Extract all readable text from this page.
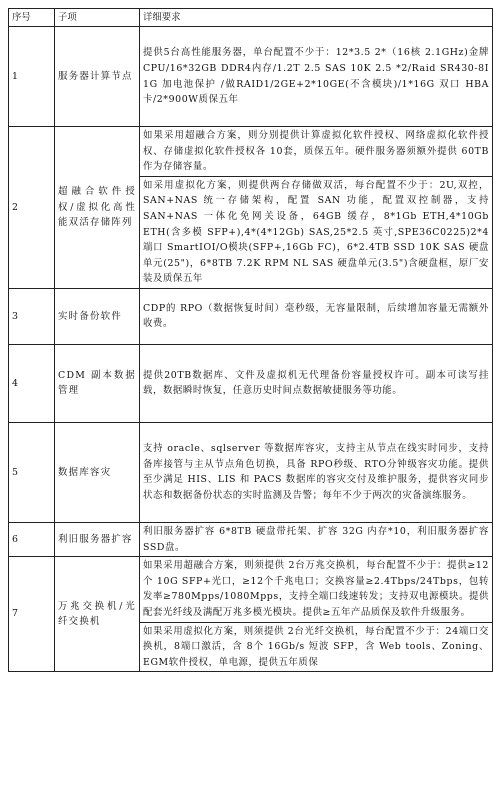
序号	子项	详细要求
1	服务器计算节点	提供5台高性能服务器，单台配置不少于：12*3.5 2*（16核 2.1GHz)金牌 CPU/16*32GB DDR4内存/1.2T 2.5 SAS 10K 2.5 *2/Raid SR430-8I 1G 加电池保护 /做RAID1/2GE+2*10GE(不含模块)/1*16G 双口 HBA 卡/2*900W质保五年
2	超融合软件授权/虚拟化高性能双活存储阵列	如果采用超融合方案，则分别提供计算虚拟化软件授权、网络虚拟化软件授权、存储虚拟化软件授权各 10套，质保五年。硬件服务器须额外提供 60TB 作为存储容量。
		如采用虚拟化方案，则提供两台存储做双活，每台配置不少于：2U,双控，SAN+NAS 统一存储架构，配置 SAN 功能，配置双控制器，支持 SAN+NAS 一体化免网关设备，64GB 缓存，8*1Gb ETH,4*10Gb ETH(含多模 SFP+),4*(4*12Gb) SAS,25*2.5 英寸,SPE36C0225)2*4端口 SmartIOI/O模块(SFP+,16Gb FC)，6*2.4TB SSD 10K SAS 硬盘单元(25")，6*8TB 7.2K RPM NL SAS 硬盘单元(3.5")含硬盘框，原厂安装及质保五年
3	实时备份软件	CDP的 RPO（数据恢复时间）毫秒级，无容量限制，后续增加容量无需额外收费。
4	CDM 副本数据管理	提供20TB数据库、文件及虚拟机无代理备份容量授权许可。副本可读写挂载，数据瞬时恢复，任意历史时间点数据敏捷服务等功能。
5	数据库容灾	支持 oracle、sqlserver 等数据库容灾，支持主从节点在线实时同步，支持备库接管与主从节点角色切换，具备 RPO秒级、RTO分钟级容灾功能。提供至少满足 HIS、LIS 和 PACS 数据库的容灾交付及维护服务，提供容灾同步状态和数据备份状态的实时监测及告警；每年不少于两次的灾备演练服务。
6	利旧服务器扩容	利旧服务器扩容 6*8TB 硬盘带托架、扩容 32G 内存*10，利旧服务器扩容 SSD盘。
7	万兆交换机/光纤交换机	如果采用超融合方案，则须提供 2台万兆交换机，每台配置不少于：提供≥12个 10G SFP+光口，≥12个千兆电口；交换容量≥2.4Tbps/24Tbps，包转发率≥780Mpps/1080Mpps，支持全端口线速转发；支持双电源模块。提供配套光纤线及满配万兆多模光模块。提供≥五年产品质保及软件升级服务。
		如果采用虚拟化方案，则须提供 2台光纤交换机，每台配置不少于：24端口交换机，8端口激活，含 8个 16Gb/s 短波 SFP，含 Web tools、Zoning、EGM软件授权，单电源，提供五年质保
